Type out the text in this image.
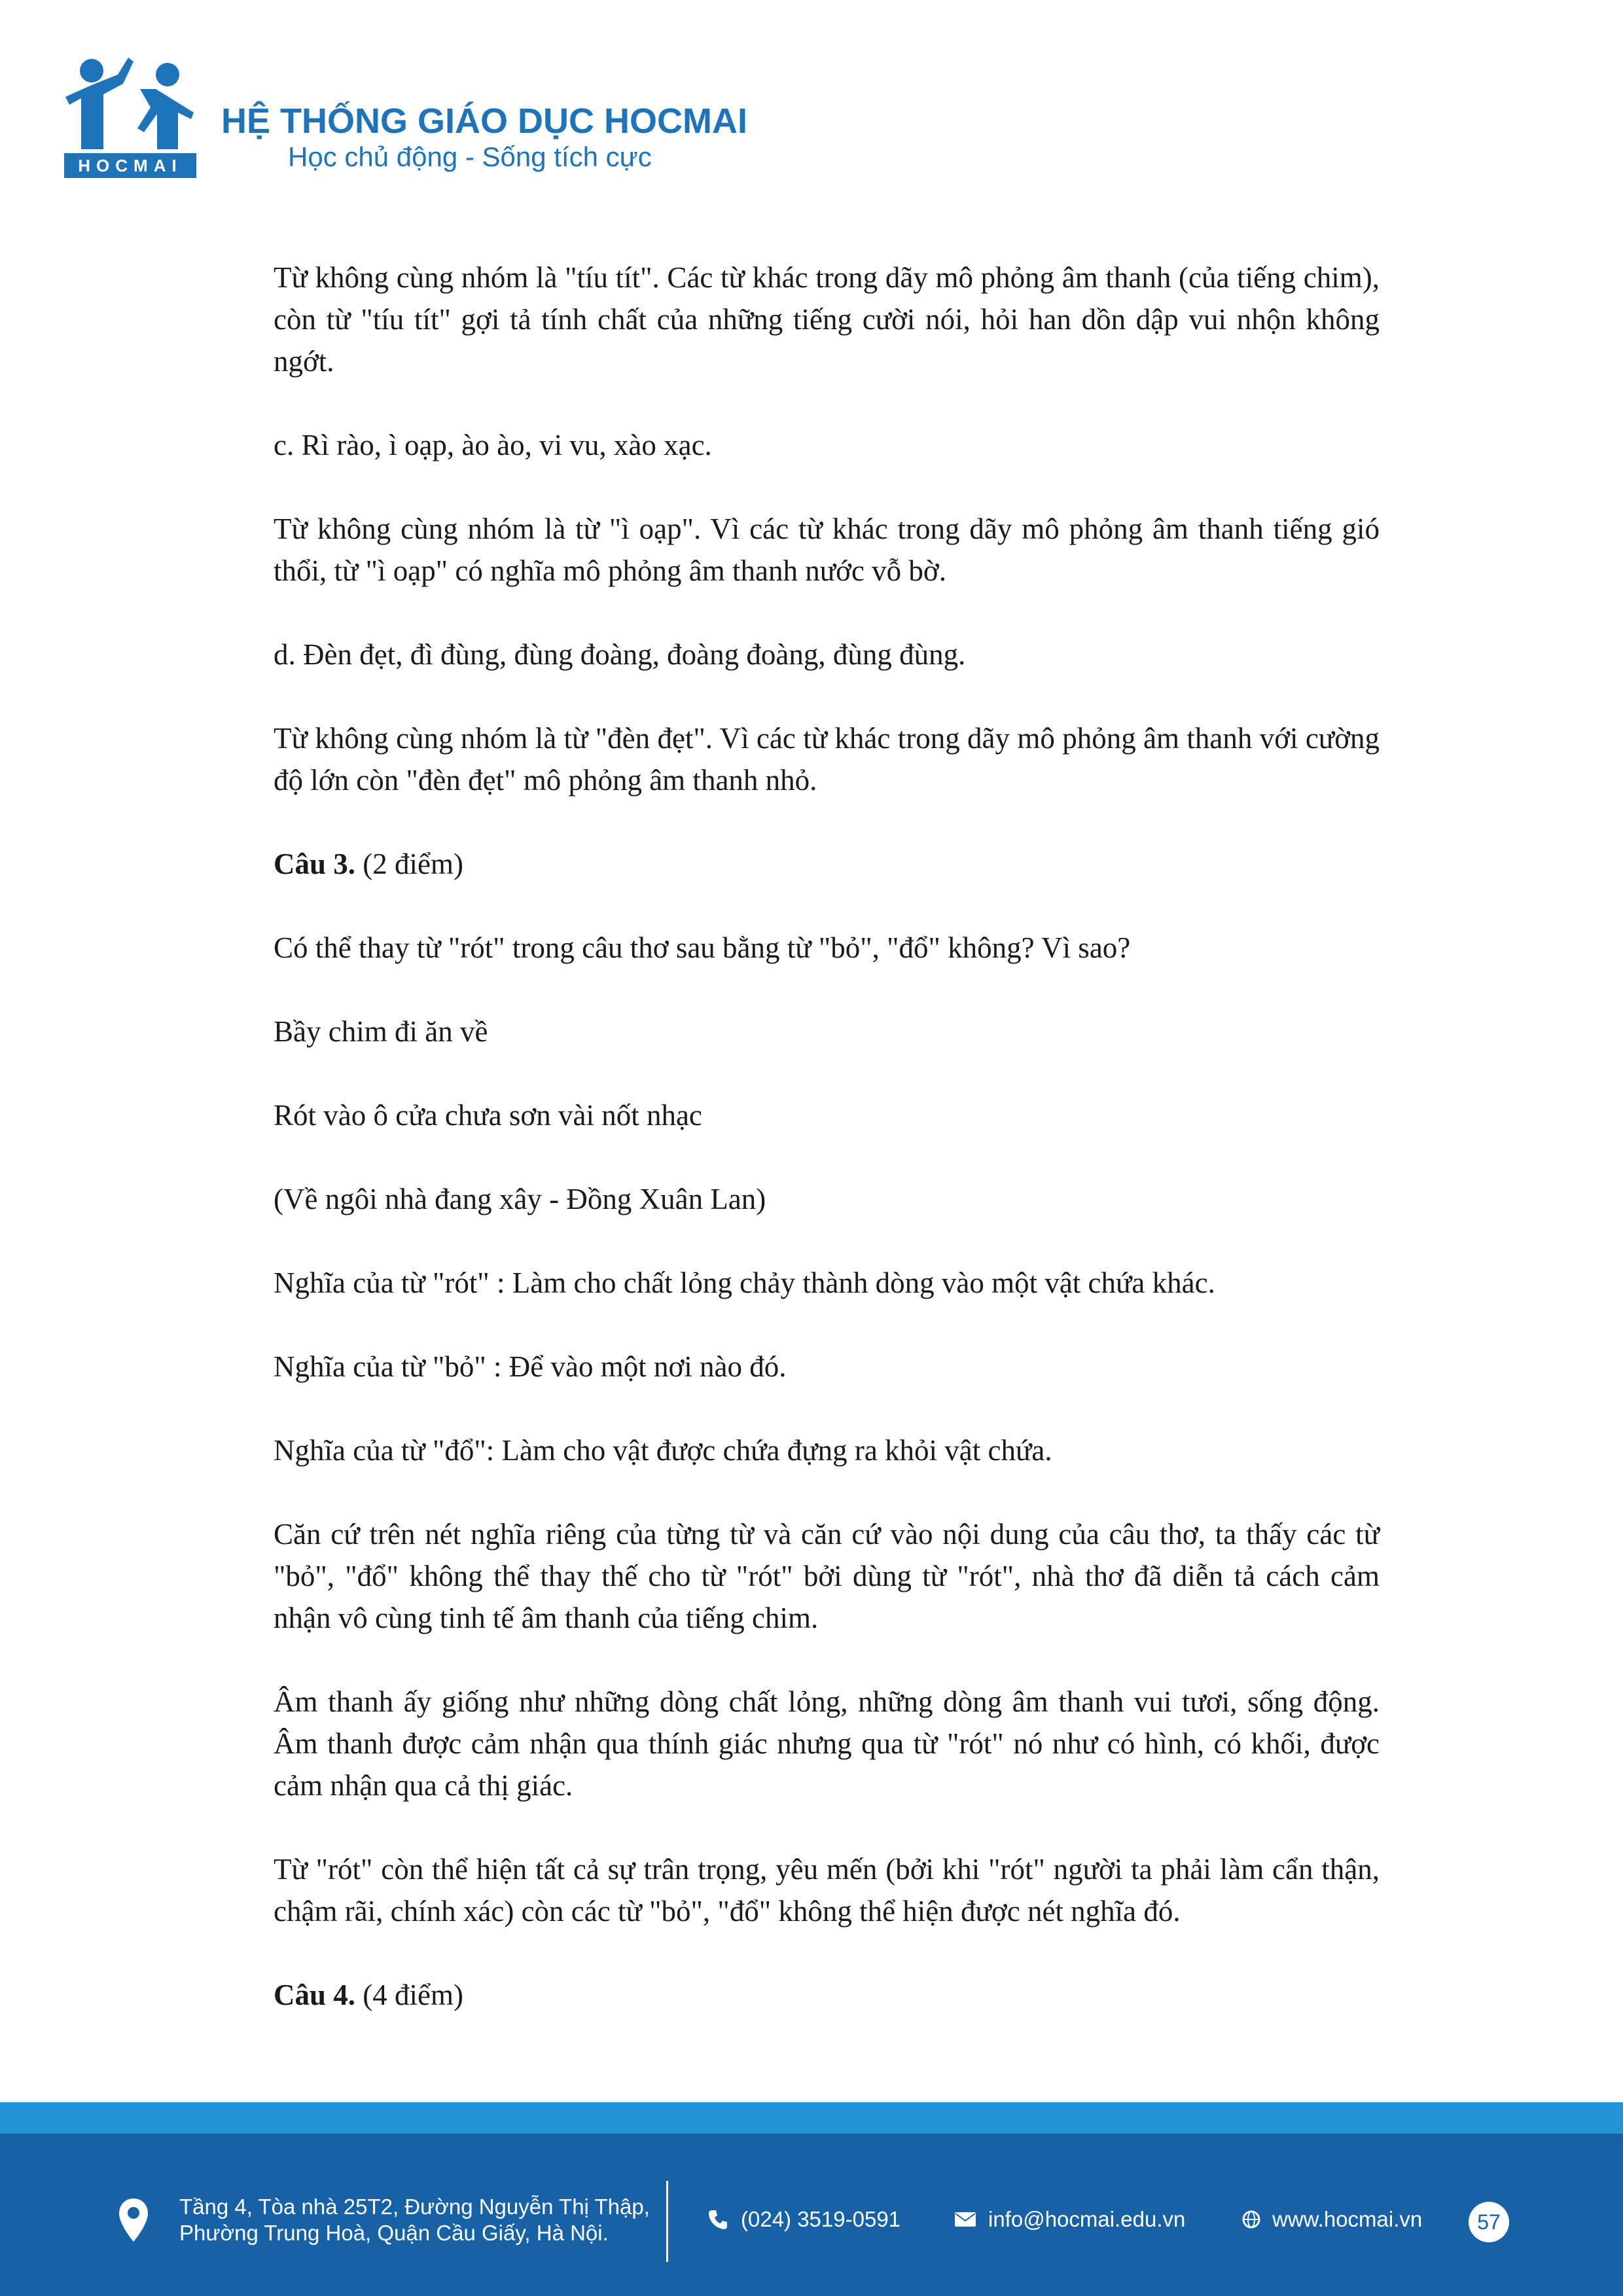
HOCMAI
HỆ THỐNG GIÁO DỤC HOCMAI
Học chủ động - Sống tích cực

Từ không cùng nhóm là "tíu tít". Các từ khác trong dãy mô phỏng âm thanh (của tiếng chim), còn từ "tíu tít" gợi tả tính chất của những tiếng cười nói, hỏi han dồn dập vui nhộn không ngớt.

c. Rì rào, ì oạp, ào ào, vi vu, xào xạc.

Từ không cùng nhóm là từ "ì oạp". Vì các từ khác trong dãy mô phỏng âm thanh tiếng gió thổi, từ "ì oạp" có nghĩa mô phỏng âm thanh nước vỗ bờ.

d. Đèn đẹt, đì đùng, đùng đoàng, đoàng đoàng, đùng đùng.

Từ không cùng nhóm là từ "đèn đẹt". Vì các từ khác trong dãy mô phỏng âm thanh với cường độ lớn còn "đèn đẹt" mô phỏng âm thanh nhỏ.

Câu 3. (2 điểm)

Có thể thay từ "rót" trong câu thơ sau bằng từ "bỏ", "đổ" không? Vì sao?

Bầy chim đi ăn về

Rót vào ô cửa chưa sơn vài nốt nhạc

(Về ngôi nhà đang xây - Đồng Xuân Lan)

Nghĩa của từ "rót" : Làm cho chất lỏng chảy thành dòng vào một vật chứa khác.

Nghĩa của từ "bỏ" : Để vào một nơi nào đó.

Nghĩa của từ "đổ": Làm cho vật được chứa đựng ra khỏi vật chứa.

Căn cứ trên nét nghĩa riêng của từng từ và căn cứ vào nội dung của câu thơ, ta thấy các từ "bỏ", "đổ" không thể thay thế cho từ "rót" bởi dùng từ "rót", nhà thơ đã diễn tả cách cảm nhận vô cùng tinh tế âm thanh của tiếng chim.

Âm thanh ấy giống như những dòng chất lỏng, những dòng âm thanh vui tươi, sống động. Âm thanh được cảm nhận qua thính giác nhưng qua từ "rót" nó như có hình, có khối, được cảm nhận qua cả thị giác.

Từ "rót" còn thể hiện tất cả sự trân trọng, yêu mến (bởi khi "rót" người ta phải làm cẩn thận, chậm rãi, chính xác) còn các từ "bỏ", "đổ" không thể hiện được nét nghĩa đó.

Câu 4. (4 điểm)

Tầng 4, Tòa nhà 25T2, Đường Nguyễn Thị Thập,
Phường Trung Hoà, Quận Cầu Giấy, Hà Nội.
(024) 3519-0591	info@hocmai.edu.vn	www.hocmai.vn	57
